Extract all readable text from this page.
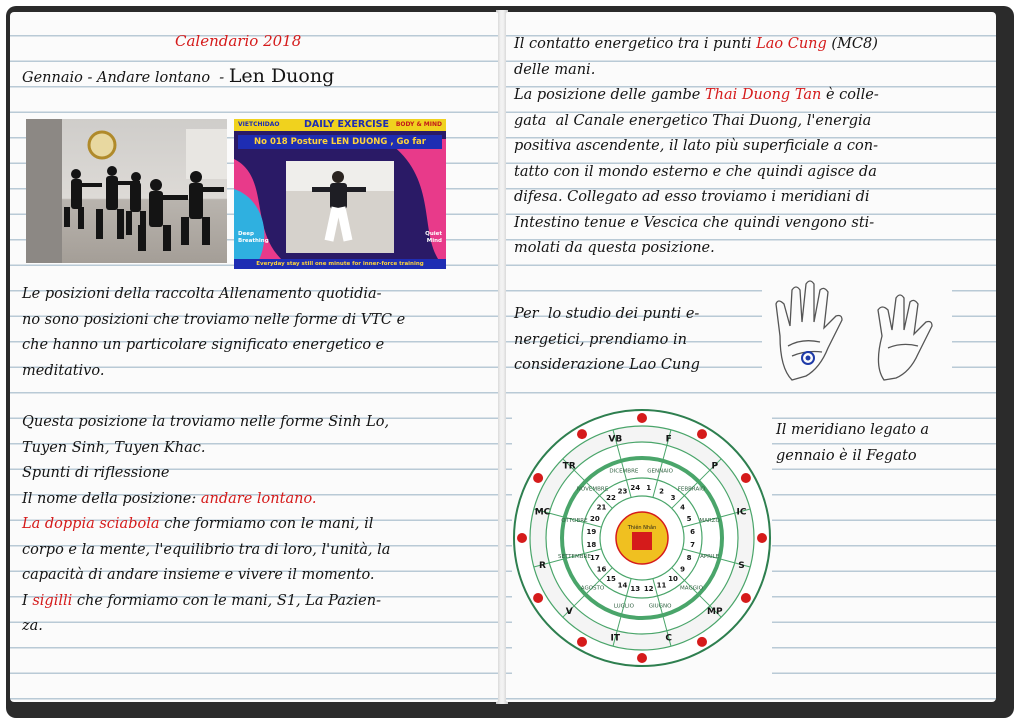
Calendario 2018
Gennaio - Andare lontano  - Len Duong
VIETCHIDAO	DAILY EXERCISE BODY & MIND
No 018 Posture LEN DUONG , Go far
Deep Breathing
Quiet Mind
Everyday stay still one minute for inner-force training
Le posizioni della raccolta Allenamento quotidia-
no sono posizioni che troviamo nelle forme di VTC e
che hanno un particolare significato energetico e
meditativo.
Questa posizione la troviamo nelle forme Sinh Lo,
Tuyen Sinh, Tuyen Khac.
Spunti di riflessione
Il nome della posizione: andare lontano.
La doppia sciabola che formiamo con le mani, il
corpo e la mente, l'equilibrio tra di loro, l'unità, la
capacità di andare insieme e vivere il momento.
I sigilli che formiamo con le mani, S1, La Pazien-
za.
Il contatto energetico tra i punti Lao Cung (MC8)
delle mani.
La posizione delle gambe Thai Duong Tan è colle-
gata  al Canale energetico Thai Duong, l'energia
positiva ascendente, il lato più superficiale a con-
tatto con il mondo esterno e che quindi agisce da
difesa. Collegato ad esso troviamo i meridiani di
Intestino tenue e Vescica che quindi vengono sti-
molati da questa posizione.
Per  lo studio dei punti e-
nergetici, prendiamo in
considerazione Lao Cung
Thiên Nhân
DICEMBRE GENNAIO
FEBBRAIO
MARZO
APRILE
MAGGIO
GIUGNO
LUGLIO
AGOSTO
SETTEMBRE
OTTOBRE
NOVEMBRE
VB	F
P
IC
S
MP
C
IT
V
R
MC
TR
1 2
3
4
5
6
7
8
9
10
11
12
13
14
15
16
17
18
19
20
21
22
23 24
Il meridiano legato a
gennaio è il Fegato
